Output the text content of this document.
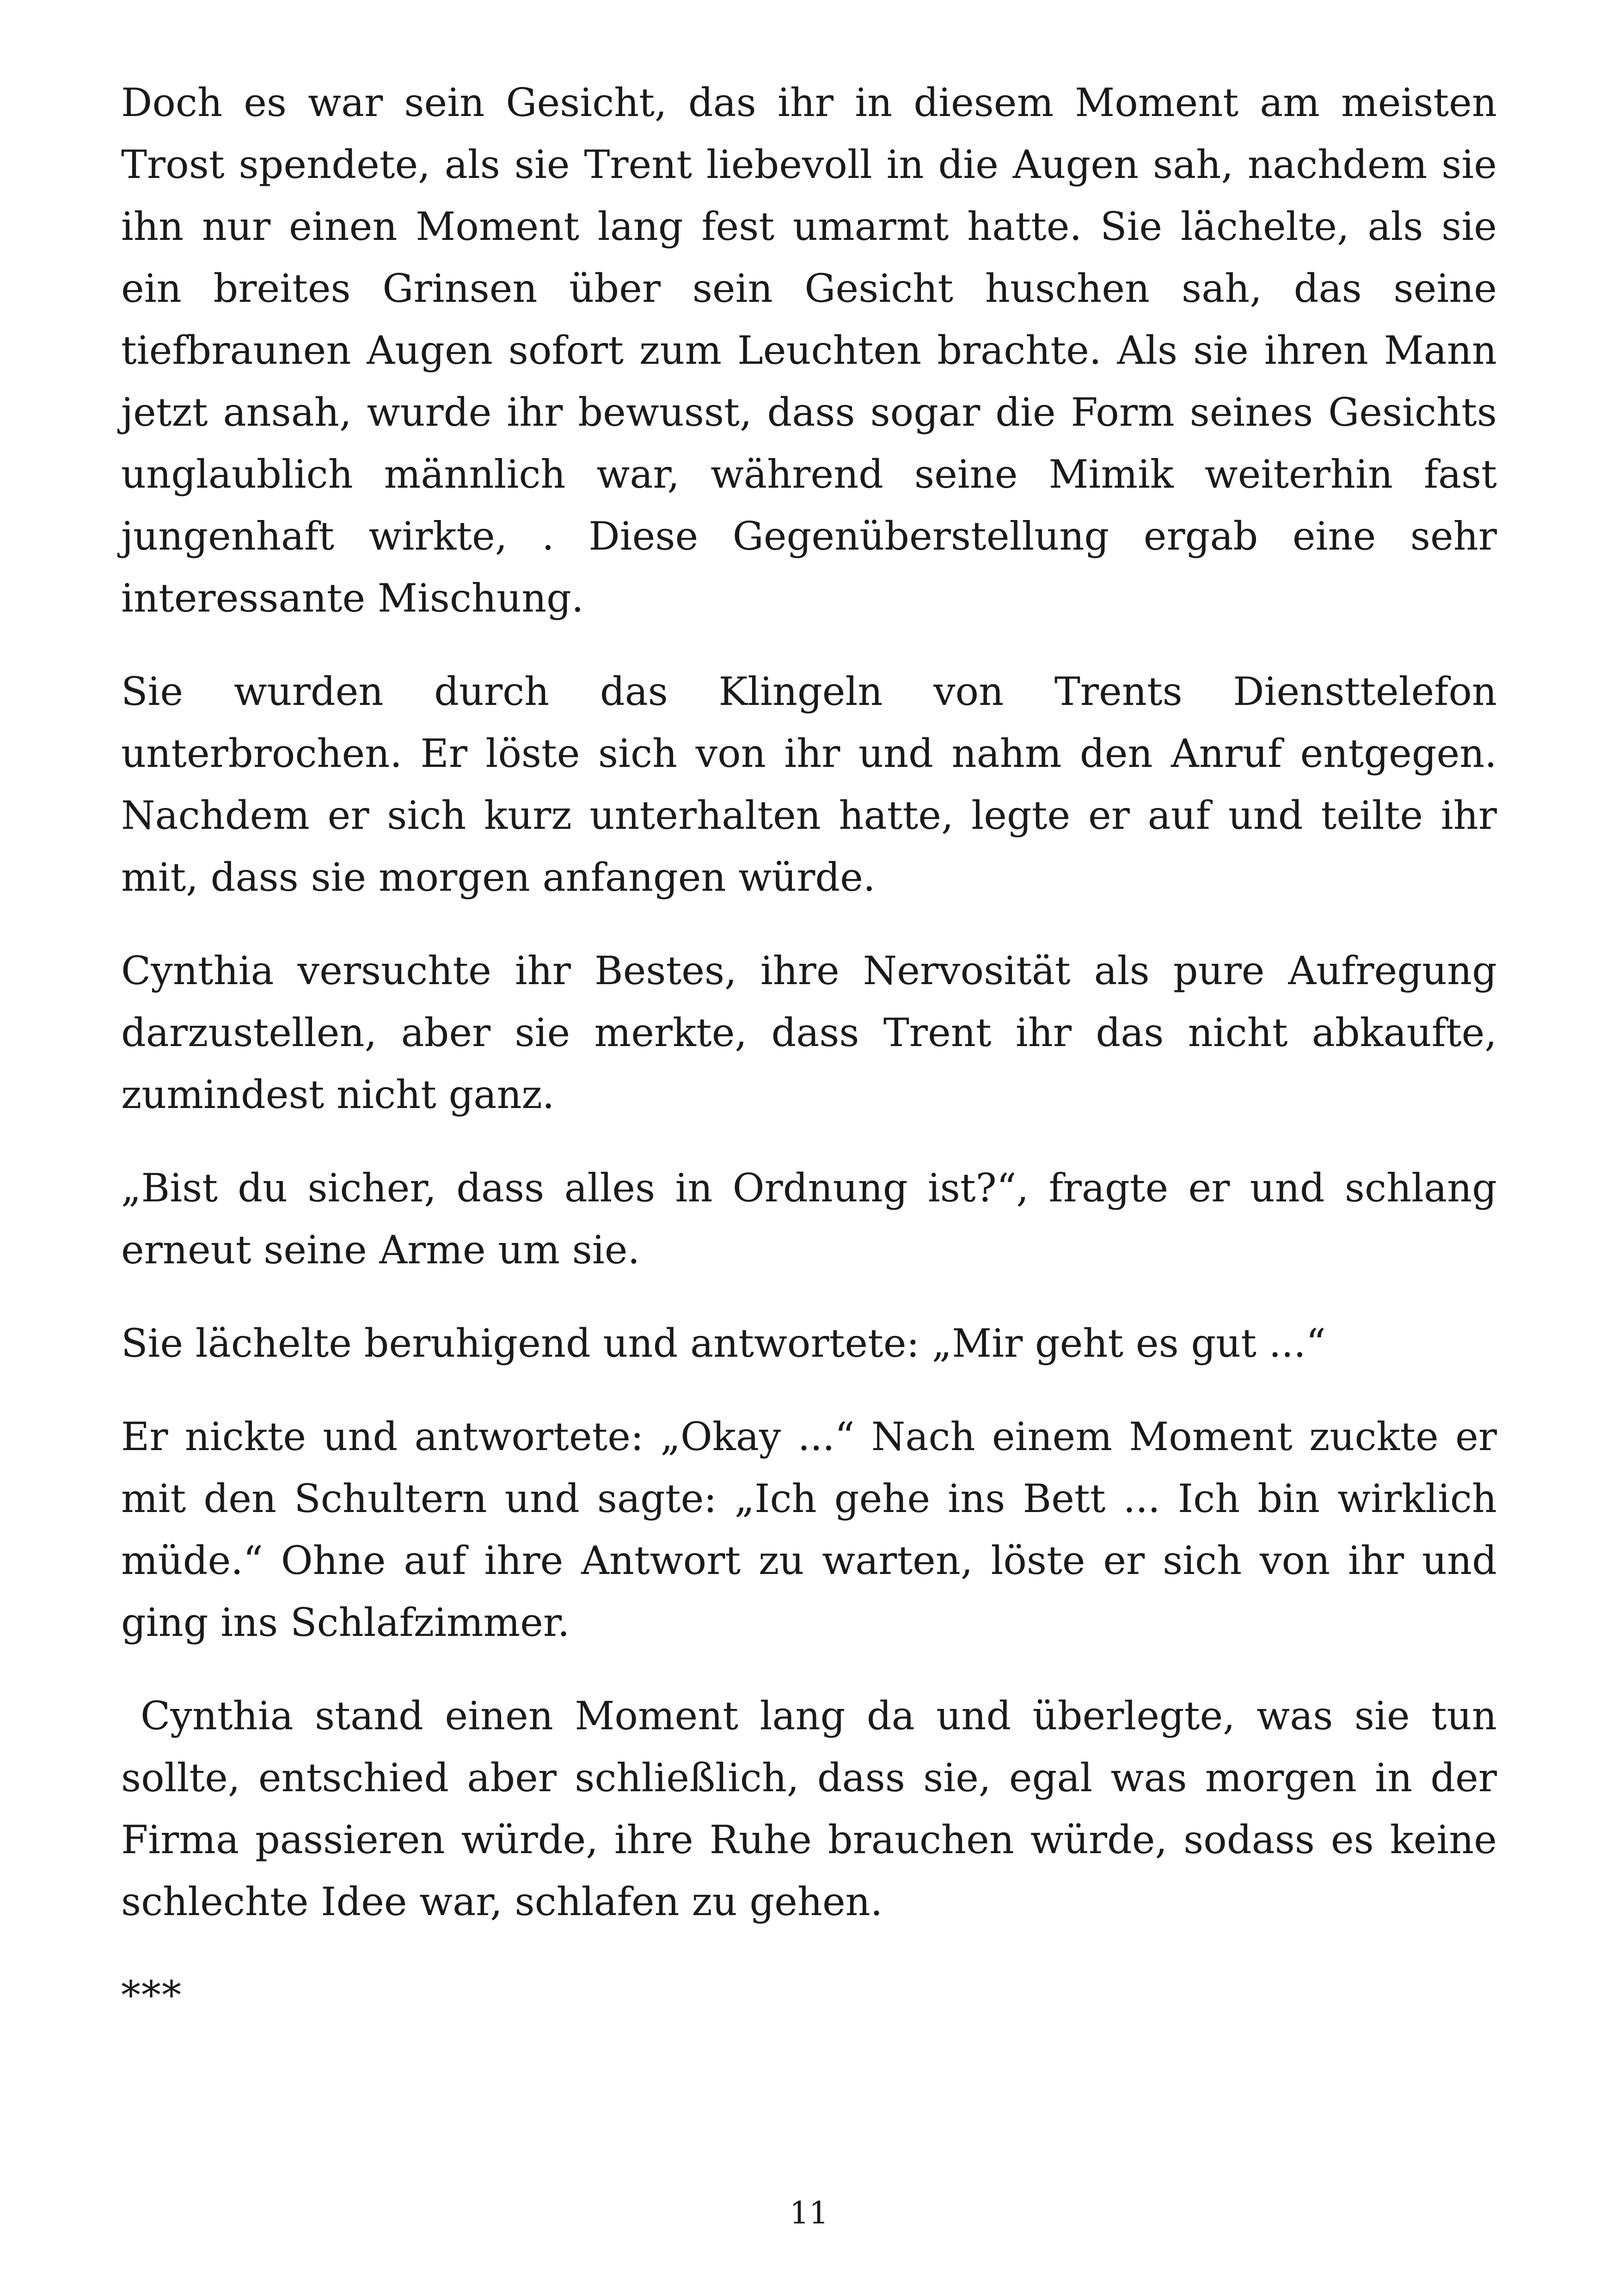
Doch es war sein Gesicht, das ihr in diesem Moment am meisten Trost spendete, als sie Trent liebevoll in die Augen sah, nachdem sie ihn nur einen Moment lang fest umarmt hatte. Sie lächelte, als sie ein breites Grinsen über sein Gesicht huschen sah, das seine tiefbraunen Augen sofort zum Leuchten brachte. Als sie ihren Mann jetzt ansah, wurde ihr bewusst, dass sogar die Form seines Gesichts unglaublich männlich war, während seine Mimik weiterhin fast jungenhaft wirkte, . Diese Gegenüberstellung ergab eine sehr interessante Mischung.

Sie wurden durch das Klingeln von Trents Diensttelefon unterbrochen. Er löste sich von ihr und nahm den Anruf entgegen. Nachdem er sich kurz unterhalten hatte, legte er auf und teilte ihr mit, dass sie morgen anfangen würde.

Cynthia versuchte ihr Bestes, ihre Nervosität als pure Aufregung darzustellen, aber sie merkte, dass Trent ihr das nicht abkaufte, zumindest nicht ganz.

„Bist du sicher, dass alles in Ordnung ist?“, fragte er und schlang erneut seine Arme um sie.

Sie lächelte beruhigend und antwortete: „Mir geht es gut ...“

Er nickte und antwortete: „Okay ...“ Nach einem Moment zuckte er mit den Schultern und sagte: „Ich gehe ins Bett ... Ich bin wirklich müde.“ Ohne auf ihre Antwort zu warten, löste er sich von ihr und ging ins Schlafzimmer.

Cynthia stand einen Moment lang da und überlegte, was sie tun sollte, entschied aber schließlich, dass sie, egal was morgen in der Firma passieren würde, ihre Ruhe brauchen würde, sodass es keine schlechte Idee war, schlafen zu gehen.

***

11
